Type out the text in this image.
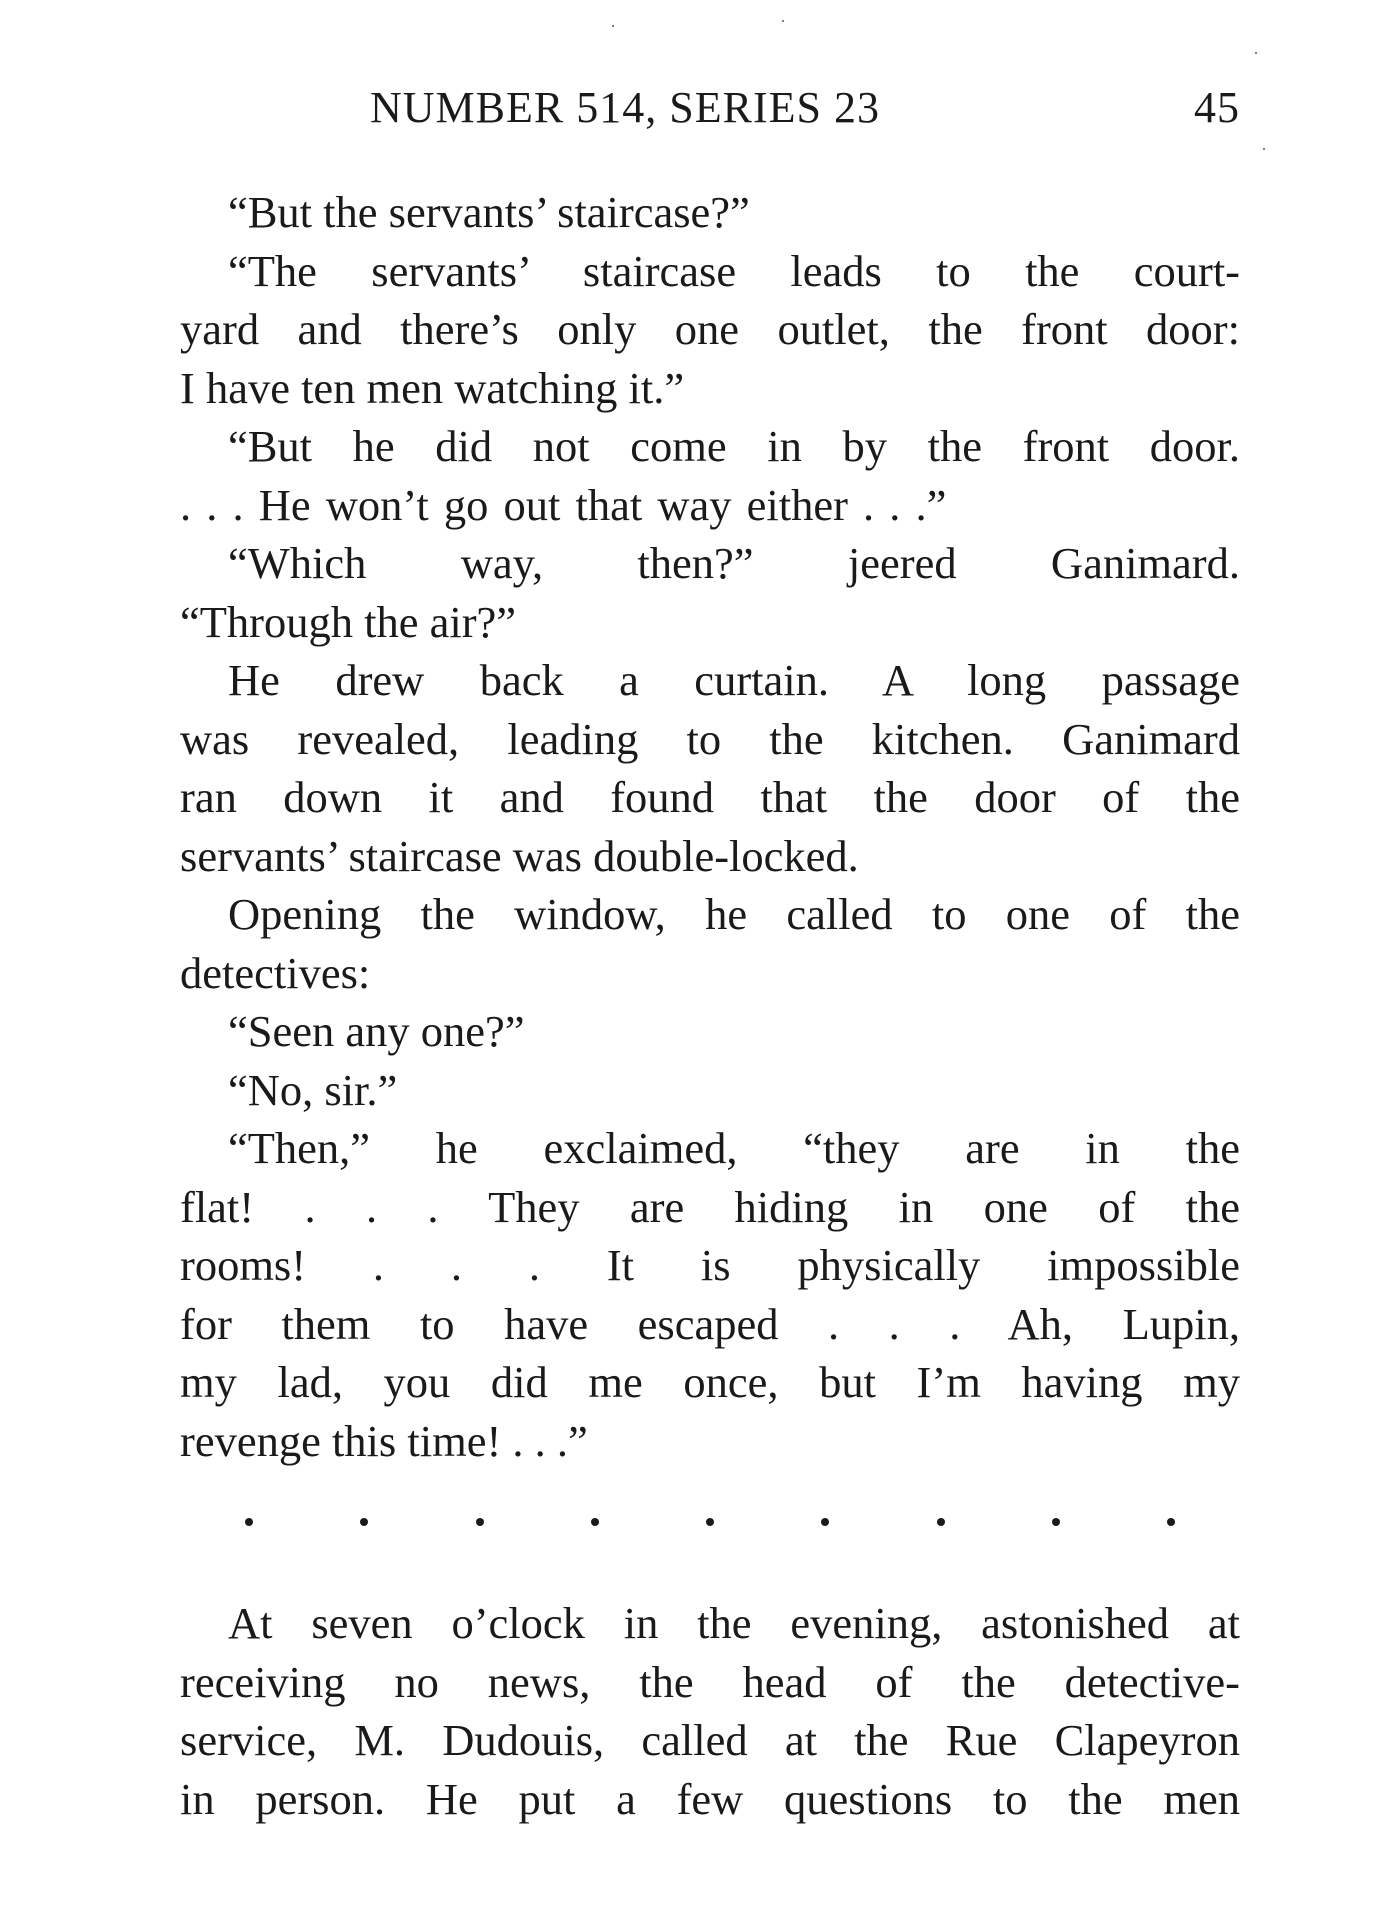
NUMBER 514, SERIES 23	45
“But the servants’ staircase?”
“The servants’ staircase leads to the court-
yard and there’s only one outlet, the front door:
I have ten men watching it.”
“But he did not come in by the front door.
. . . He won’t go out that way either . . .”
“Which way, then?” jeered Ganimard.
“Through the air?”
He drew back a curtain. A long passage
was revealed, leading to the kitchen. Ganimard
ran down it and found that the door of the
servants’ staircase was double-locked.
Opening the window, he called to one of the
detectives:
“Seen any one?”
“No, sir.”
“Then,” he exclaimed, “they are in the
flat! . . . They are hiding in one of the
rooms! . . . It is physically impossible
for them to have escaped . . . Ah, Lupin,
my lad, you did me once, but I’m having my
revenge this time! . . .”
At seven o’clock in the evening, astonished at
receiving no news, the head of the detective-
service, M. Dudouis, called at the Rue Clapeyron
in person. He put a few questions to the men
